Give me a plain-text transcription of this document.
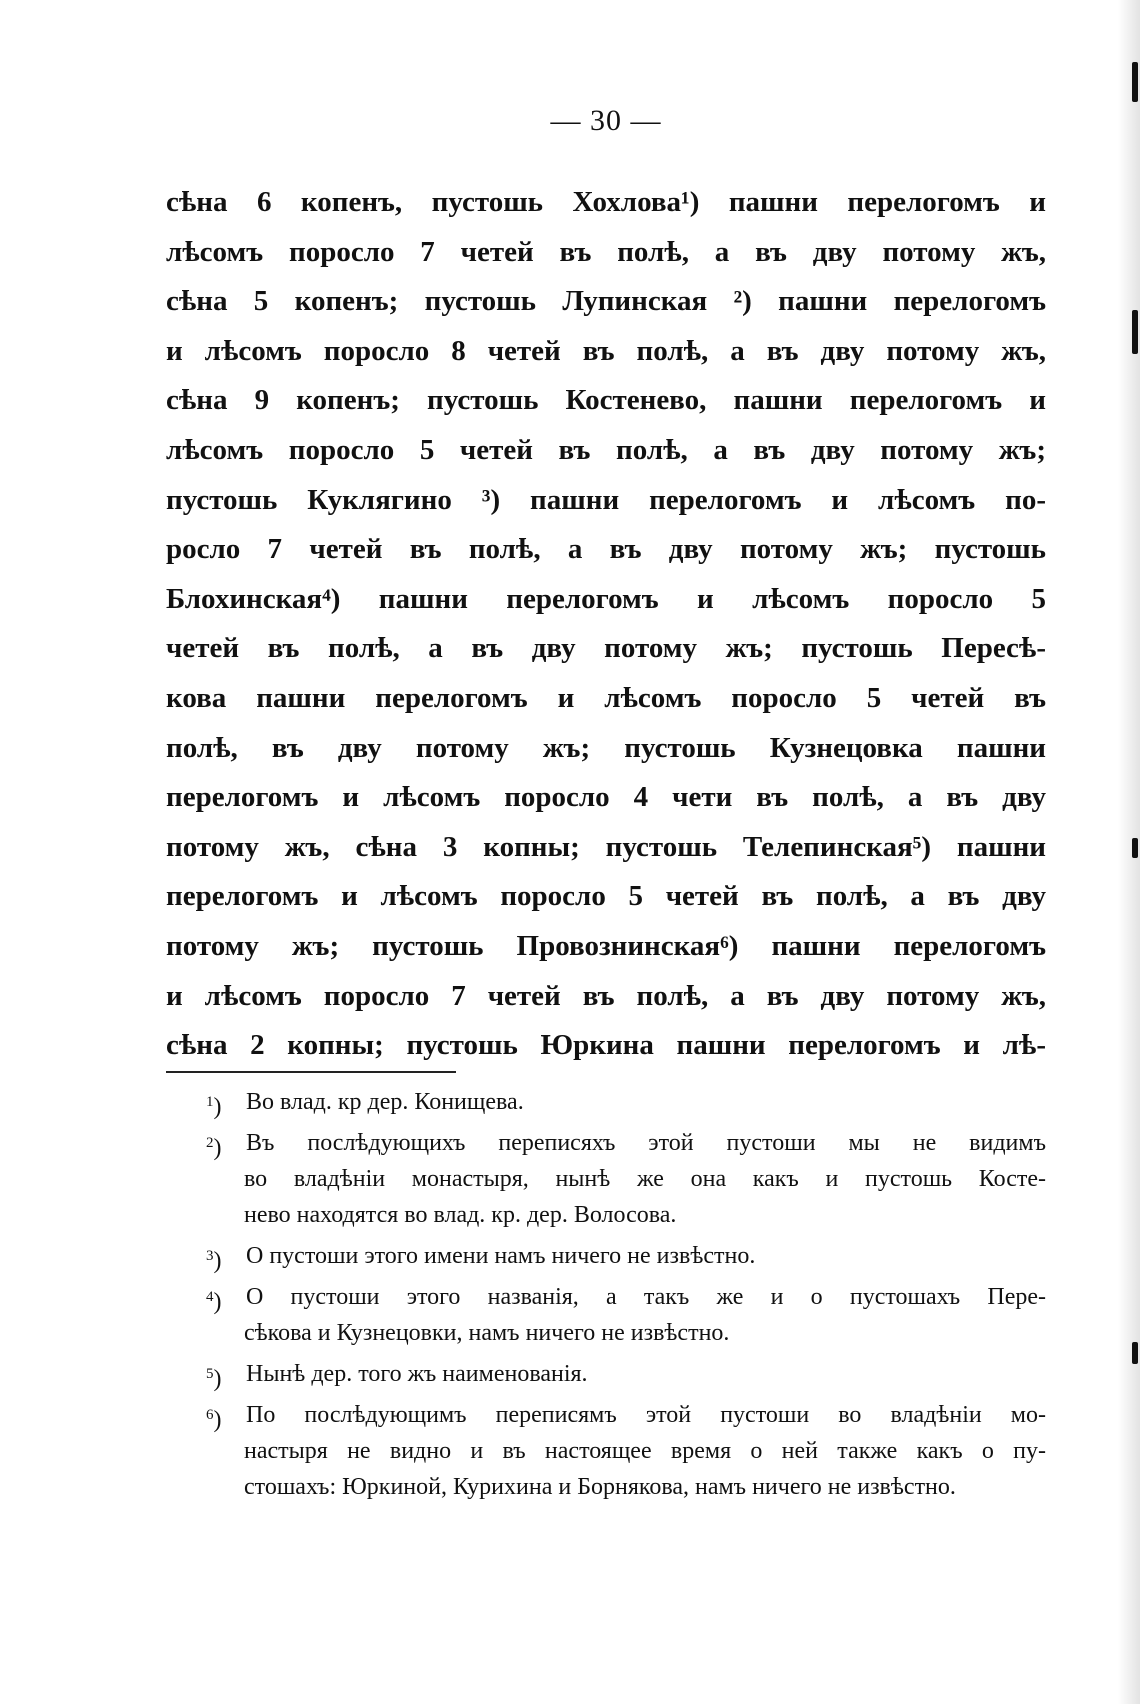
— 30 —
сѣна 6 копенъ, пустошь Хохлова¹) пашни перелогомъ и
лѣсомъ поросло 7 четей въ полѣ, а въ дву потому жъ,
сѣна 5 копенъ; пустошь Лупинская ²) пашни перелогомъ
и лѣсомъ поросло 8 четей въ полѣ, а въ дву потому жъ,
сѣна 9 копенъ; пустошь Костенево, пашни перелогомъ и
лѣсомъ поросло 5 четей въ полѣ, а въ дву потому жъ;
пустошь Куклягино ³) пашни перелогомъ и лѣсомъ по-
росло 7 четей въ полѣ, а въ дву потому жъ; пустошь
Блохинская⁴) пашни перелогомъ и лѣсомъ поросло 5
четей въ полѣ, а въ дву потому жъ; пустошь Пересѣ-
кова пашни перелогомъ и лѣсомъ поросло 5 четей въ
полѣ, въ дву потому жъ; пустошь Кузнецовка пашни
перелогомъ и лѣсомъ поросло 4 чети въ полѣ, а въ дву
потому жъ, сѣна 3 копны; пустошь Телепинская⁵) пашни
перелогомъ и лѣсомъ поросло 5 четей въ полѣ, а въ дву
потому жъ; пустошь Провознинская⁶) пашни перелогомъ
и лѣсомъ поросло 7 четей въ полѣ, а въ дву потому жъ,
сѣна 2 копны; пустошь Юркина пашни перелогомъ и лѣ-
$^1$) Во влад. кр дер. Конищева.
$^2$) Въ послѣдующихъ переписяхъ этой пустоши мы не видимъ
во владѣніи монастыря, нынѣ же она какъ и пустошь Косте-
нево находятся во влад. кр. дер. Волосова.
$^3$) О пустоши этого имени намъ ничего не извѣстно.
$^4$) О пустоши этого названія, а такъ же и о пустошахъ Пере-
сѣкова и Кузнецовки, намъ ничего не извѣстно.
$^5$) Нынѣ дер. того жъ наименованія.
$^6$) По послѣдующимъ переписямъ этой пустоши во владѣніи мо-
настыря не видно и въ настоящее время о ней также какъ о пу-
стошахъ: Юркиной, Курихина и Борнякова, намъ ничего не извѣстно.
